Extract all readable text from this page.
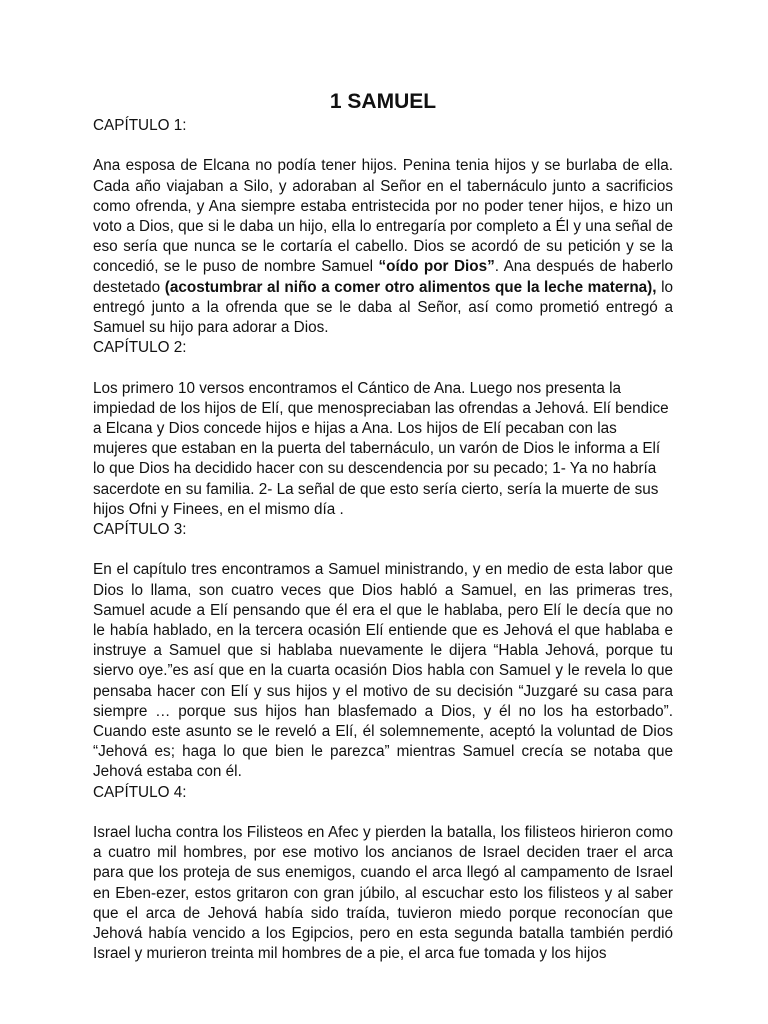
1 SAMUEL
CAPÍTULO 1:

Ana esposa de Elcana no podía tener hijos. Penina tenia hijos y se burlaba de ella. Cada año viajaban a Silo, y adoraban al Señor en el tabernáculo junto a sacrificios como ofrenda, y Ana siempre estaba entristecida por no poder tener hijos, e hizo un voto a Dios, que si le daba un hijo, ella lo entregaría por completo a Él y una señal de eso sería que nunca se le cortaría el cabello. Dios se acordó de su petición y se la concedió, se le puso de nombre Samuel “oído por Dios”. Ana después de haberlo destetado (acostumbrar al niño a comer otro alimentos que la leche materna), lo entregó junto a la ofrenda que se le daba al Señor, así como prometió entregó a Samuel su hijo para adorar a Dios.

CAPÍTULO 2:

Los primero 10 versos encontramos el Cántico de Ana. Luego nos presenta la impiedad de los hijos de Elí, que menospreciaban las ofrendas a Jehová. Elí bendice a Elcana y Dios concede hijos e hijas a Ana. Los hijos de Elí pecaban con las mujeres que estaban en la puerta del tabernáculo, un varón de Dios le informa a Elí lo que Dios ha decidido hacer con su descendencia por su pecado; 1- Ya no habría sacerdote en su familia. 2- La señal de que esto sería cierto, sería la muerte de sus hijos Ofni y Finees, en el mismo día .

CAPÍTULO 3:

En el capítulo tres encontramos a Samuel ministrando, y en medio de esta labor que Dios lo llama, son cuatro veces que Dios habló a Samuel, en las primeras tres, Samuel acude a Elí pensando que él era el que le hablaba, pero Elí le decía que no le había hablado, en la tercera ocasión Elí entiende que es Jehová el que hablaba e instruye a Samuel que si hablaba nuevamente le dijera “Habla Jehová, porque tu siervo oye.”es así que en la cuarta ocasión Dios habla con Samuel y le revela lo que pensaba hacer con Elí y sus hijos y el motivo de su decisión “Juzgaré su casa para siempre … porque sus hijos han blasfemado a Dios, y él no los ha estorbado”. Cuando este asunto se le reveló a Elí, él solemnemente, aceptó la voluntad de Dios “Jehová es; haga lo que bien le parezca” mientras Samuel crecía se notaba que Jehová estaba con él.

CAPÍTULO 4:

Israel lucha contra los Filisteos en Afec y pierden la batalla, los filisteos hirieron como a cuatro mil hombres, por ese motivo los ancianos de Israel deciden traer el arca para que los proteja de sus enemigos, cuando el arca llegó al campamento de Israel en Eben-ezer, estos gritaron con gran júbilo, al escuchar esto los filisteos y al saber que el arca de Jehová había sido traída, tuvieron miedo porque reconocían que Jehová había vencido a los Egipcios, pero en esta segunda batalla también perdió Israel y murieron treinta mil hombres de a pie, el arca fue tomada y los hijos
